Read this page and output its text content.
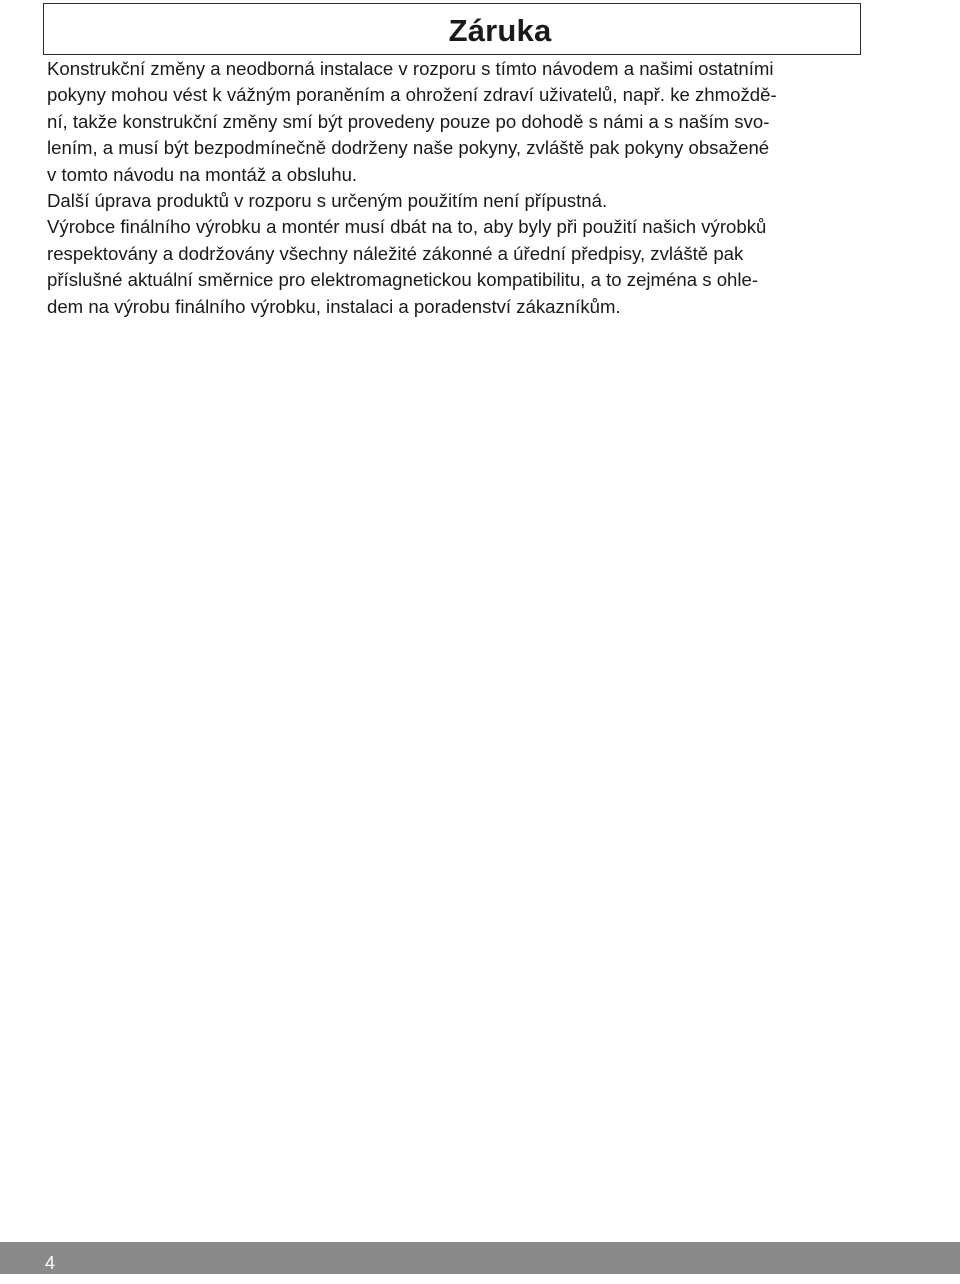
Záruka

Konstrukční změny a neodborná instalace v rozporu s tímto návodem a našimi ostatními
pokyny mohou vést k vážným poraněním a ohrožení zdraví uživatelů, např. ke zhmoždě-
ní, takže konstrukční změny smí být provedeny pouze po dohodě s námi a s naším svo-
lením, a musí být bezpodmínečně dodrženy naše pokyny, zvláště pak pokyny obsažené
v tomto návodu na montáž a obsluhu.

Další úprava produktů v rozporu s určeným použitím není přípustná.

Výrobce finálního výrobku a montér musí dbát na to, aby byly při použití našich výrobků
respektovány a dodržovány všechny náležité zákonné a úřední předpisy, zvláště pak
příslušné aktuální směrnice pro elektromagnetickou kompatibilitu, a to zejména s ohle-
dem na výrobu finálního výrobku, instalaci a poradenství zákazníkům.

4
